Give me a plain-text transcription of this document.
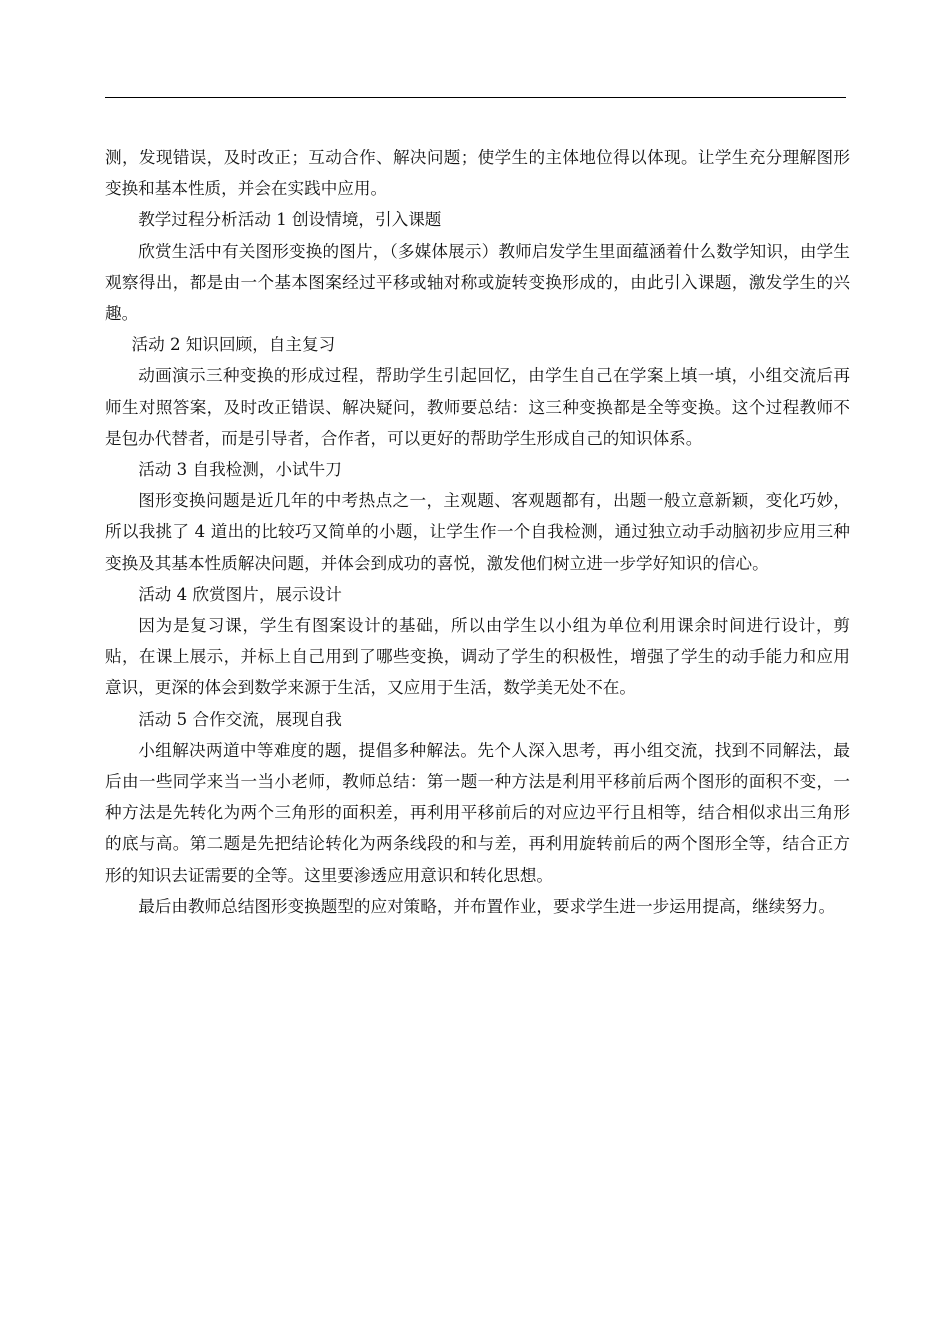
测，发现错误，及时改正；互动合作、解决问题；使学生的主体地位得以体现。让学生充分理解图形变换和基本性质，并会在实践中应用。

教学过程分析活动 1 创设情境，引入课题

欣赏生活中有关图形变换的图片，（多媒体展示）教师启发学生里面蕴涵着什么数学知识，由学生观察得出，都是由一个基本图案经过平移或轴对称或旋转变换形成的，由此引入课题，激发学生的兴趣。

活动 2 知识回顾，自主复习

动画演示三种变换的形成过程，帮助学生引起回忆，由学生自己在学案上填一填，小组交流后再师生对照答案，及时改正错误、解决疑问，教师要总结：这三种变换都是全等变换。这个过程教师不是包办代替者，而是引导者，合作者，可以更好的帮助学生形成自己的知识体系。

活动 3 自我检测，小试牛刀

图形变换问题是近几年的中考热点之一，主观题、客观题都有，出题一般立意新颖，变化巧妙，所以我挑了 4 道出的比较巧又简单的小题，让学生作一个自我检测，通过独立动手动脑初步应用三种变换及其基本性质解决问题，并体会到成功的喜悦，激发他们树立进一步学好知识的信心。

活动 4 欣赏图片，展示设计

因为是复习课，学生有图案设计的基础，所以由学生以小组为单位利用课余时间进行设计，剪贴，在课上展示，并标上自己用到了哪些变换，调动了学生的积极性，增强了学生的动手能力和应用意识，更深的体会到数学来源于生活，又应用于生活，数学美无处不在。

活动 5 合作交流，展现自我

小组解决两道中等难度的题，提倡多种解法。先个人深入思考，再小组交流，找到不同解法，最后由一些同学来当一当小老师，教师总结：第一题一种方法是利用平移前后两个图形的面积不变，一种方法是先转化为两个三角形的面积差，再利用平移前后的对应边平行且相等，结合相似求出三角形的底与高。第二题是先把结论转化为两条线段的和与差，再利用旋转前后的两个图形全等，结合正方形的知识去证需要的全等。这里要渗透应用意识和转化思想。

最后由教师总结图形变换题型的应对策略，并布置作业，要求学生进一步运用提高，继续努力。
